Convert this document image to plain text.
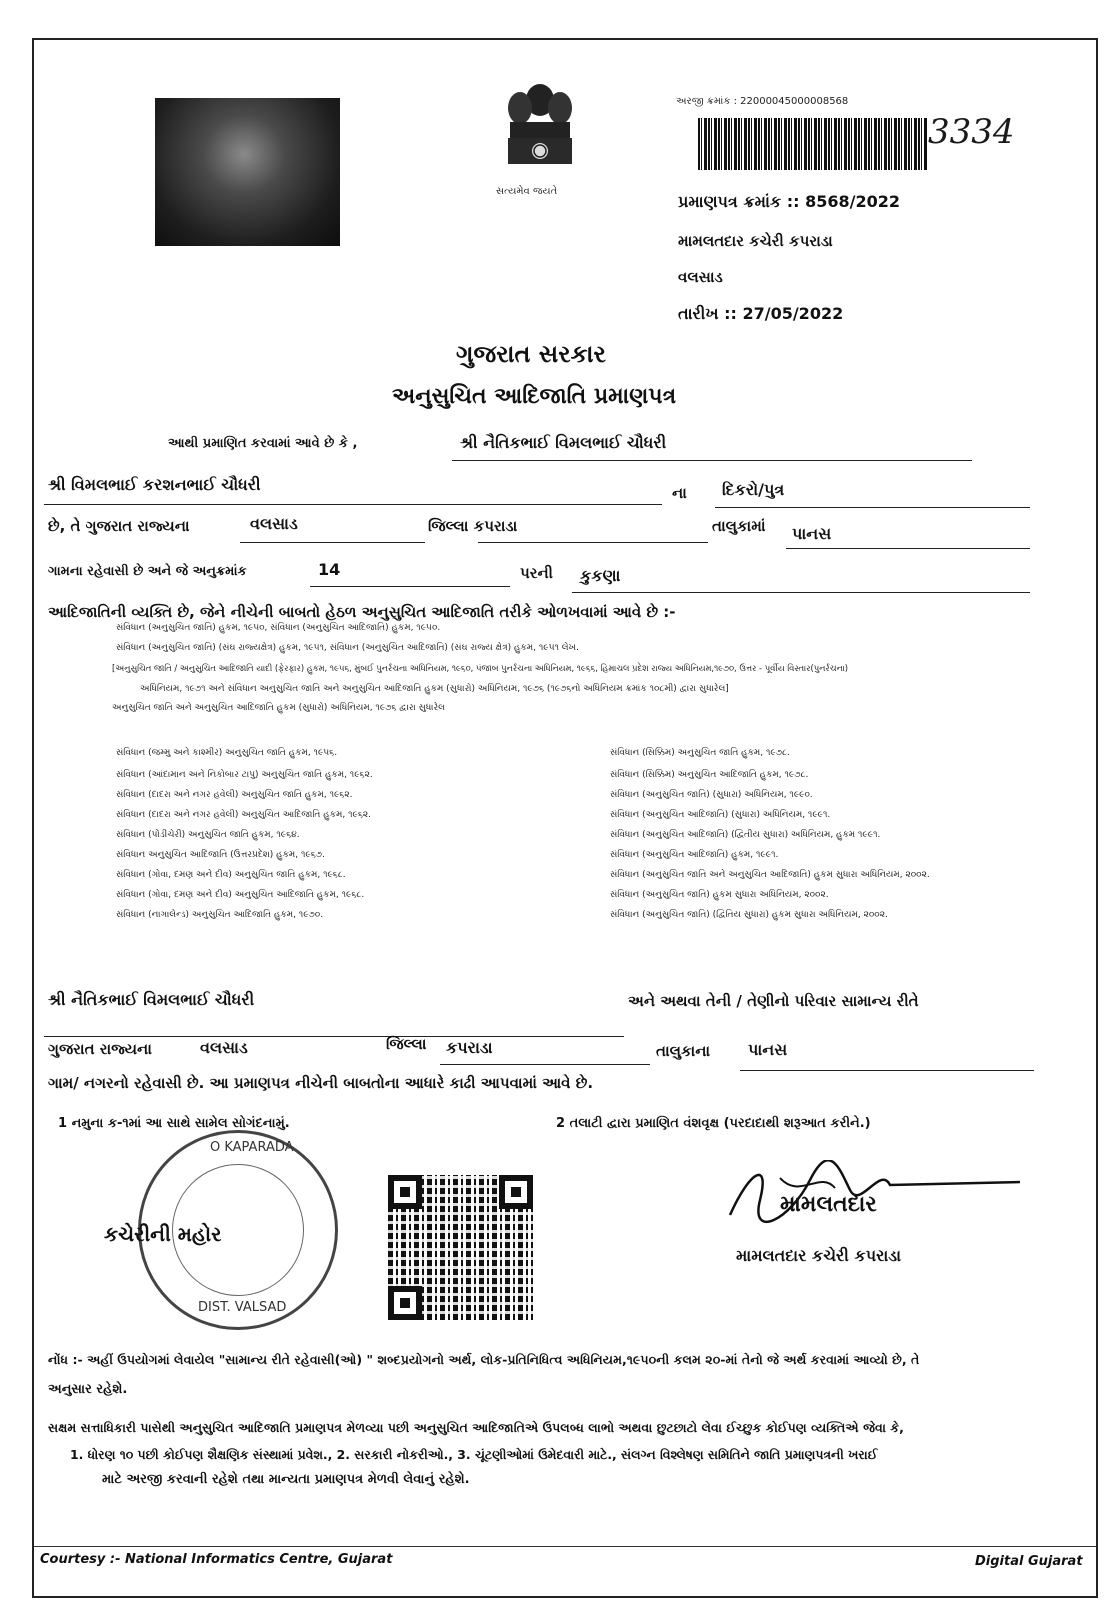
સત્યમેવ જયતે
અરજી ક્રમાંક : 22000045000008568
3334
પ્રમાણપત્ર ક્રમાંક :: 8568/2022
મામલતદાર કચેરી કપરાડા
વલસાડ
તારીખ :: 27/05/2022
ગુજરાત સરકાર
અનુસુચિત આદિજાતિ પ્રમાણપત્ર
આથી પ્રમાણિત કરવામાં આવે છે કે ,	શ્રી નૈતિકભાઈ વિમલભાઈ ચૌધરી
શ્રી વિમલભાઈ કરશનભાઈ ચૌધરી	ના દિકરો/પુત્ર
છે, તે ગુજરાત રાજ્યના	વલસાડ	જિલ્લા કપરાડા	તાલુકામાં પાનસ
ગામના રહેવાસી છે અને જે અનુક્રમાંક	14	પરની કુકણા
આદિજાતિની વ્યક્તિ છે, જેને નીચેની બાબતો હેઠળ અનુસુચિત આદિજાતિ તરીકે ઓળખવામાં આવે છે :-
સંવિધાન (અનુસુચિત જાતિ) હુકમ, ૧૯૫૦, સંવિધાન (અનુસુચિત આદિજાતિ) હુકમ, ૧૯૫૦.
સંવિધાન (અનુસુચિત જાતિ) (સંઘ રાજ્યક્ષેત્ર) હુકમ, ૧૯૫૧, સંવિધાન (અનુસુચિત આદિજાતિ) (સંઘ રાજ્ય ક્ષેત્ર) હુકમ, ૧૯૫૧ લેખ.
[અનુસુચિત જાતિ / અનુસુચિત આદિજાતિ યાદી (ફેરફાર) હુકમ, ૧૯૫૬, મુંબઈ પુનર્રચના અધિનિયમ, ૧૯૬૦, પંજાબ પુનર્રચના અધિનિયમ, ૧૯૬૬, હિમાચલ પ્રદેશ રાજ્ય અધિનિયમ,૧૯૭૦, ઉત્તર - પૂર્વીય વિસ્તાર(પુનર્રચના)
અધિનિયમ, ૧૯૭૧ અને સંવિધાન અનુસુચિત જાતિ અને અનુસુચિત આદિજાતિ હુકમ (સુધારો) અધિનિયમ, ૧૯૭૬ (૧૯૭૬નો અધિનિયમ ક્રમાંક ૧૦૮મી) દ્વારા સુધારેલ]
અનુસુચિત જાતિ અને અનુસુચિત આદિજાતિ હુકમ (સુધારો) અધિનિયમ, ૧૯૭૬ દ્વારા સુધારેલ
સંવિધાન (જમ્મુ અને કાશ્મીર) અનુસુચિત જાતિ હુકમ, ૧૯૫૬.
સંવિધાન (આંદામાન અને નિકોબાર ટાપુ) અનુસુચિત જાતિ હુકમ, ૧૯૬૨.
સંવિધાન (દાદરા અને નગર હવેલી) અનુસુચિત જાતિ હુકમ, ૧૯૬૨.
સંવિધાન (દાદરા અને નગર હવેલી) અનુસુચિત આદિજાતિ હુકમ, ૧૯૬૨.
સંવિધાન (પોંડીચેરી) અનુસુચિત જાતિ હુકમ, ૧૯૬૪.
સંવિધાન અનુસુચિત આદિજાતિ (ઉત્તરપ્રદેશ) હુકમ, ૧૯૬૭.
સંવિધાન (ગોવા, દમણ અને દીવ) અનુસુચિત જાતિ હુકમ, ૧૯૬૮.
સંવિધાન (ગોવા, દમણ અને દીવ) અનુસુચિત આદિજાતિ હુકમ, ૧૯૬૮.
સંવિધાન (નાગાલેન્ડ) અનુસુચિત આદિજાતિ હુકમ, ૧૯૭૦.
સંવિધાન (સિક્કિમ) અનુસુચિત જાતિ હુકમ, ૧૯૭૮.
સંવિધાન (સિક્કિમ) અનુસુચિત આદિજાતિ હુકમ, ૧૯૭૮.
સંવિધાન (અનુસુચિત જાતિ) (સુધારા) અધિનિયમ, ૧૯૯૦.
સંવિધાન (અનુસુચિત આદિજાતિ) (સુધારા) અધિનિયમ, ૧૯૯૧.
સંવિધાન (અનુસુચિત આદિજાતિ) (દ્વિતીય સુધારા) અધિનિયમ, હુકમ ૧૯૯૧.
સંવિધાન (અનુસુચિત આદિજાતિ) હુકમ, ૧૯૯૧.
સંવિધાન (અનુસુચિત જાતિ અને અનુસુચિત આદિજાતિ) હુકમ સુધારા અધિનિયમ, ૨૦૦૨.
સંવિધાન (અનુસુચિત જાતિ) હુકમ સુધારા અધિનિયમ, ૨૦૦૨.
સંવિધાન (અનુસુચિત જાતિ) (દ્વિતિય સુધારા) હુકમ સુધારા અધિનિયમ, ૨૦૦૨.
શ્રી નૈતિકભાઈ વિમલભાઈ ચૌધરી	અને અથવા તેની / તેણીનો પરિવાર સામાન્ય રીતે
ગુજરાત રાજ્યના	વલસાડ	જિલ્લા કપરાડા	તાલુકાના પાનસ
ગામ/ નગરનો રહેવાસી છે. આ પ્રમાણપત્ર નીચેની બાબતોના આધારે કાઢી આપવામાં આવે છે.
1 નમુના ક-૧માં આ સાથે સામેલ સોગંદનામું.	2 તલાટી દ્વારા પ્રમાણિત વંશવૃક્ષ (પરદાદાથી શરૂઆત કરીને.)
O KAPARADA
DIST. VALSAD
કચેરીની મહોર
મામલતદાર
મામલતદાર કચેરી કપરાડા
નોંધ :- અહીં ઉપયોગમાં લેવાયેલ "સામાન્ય રીતે રહેવાસી(ઓ) " શબ્દપ્રયોગનો અર્થ, લોક-પ્રતિનિધિત્વ અધિનિયમ,૧૯૫૦ની કલમ ૨૦-માં તેનો જે અર્થ કરવામાં આવ્યો છે, તે
અનુસાર રહેશે.
સક્ષમ સત્તાધિકારી પાસેથી અનુસુચિત આદિજાતિ પ્રમાણપત્ર મેળવ્યા પછી અનુસુચિત આદિજાતિએ ઉપલબ્ધ લાભો અથવા છુટછાટો લેવા ઈચ્છુક કોઈપણ વ્યક્તિએ જેવા કે,
1. ધોરણ ૧૦ પછી કોઈપણ શૈક્ષણિક સંસ્થામાં પ્રવેશ., 2. સરકારી નોકરીઓ., 3. ચૂંટણીઓમાં ઉમેદવારી માટે., સંલગ્ન વિશ્લેષણ સમિતિને જાતિ પ્રમાણપત્રની ખરાઈ
માટે અરજી કરવાની રહેશે તથા માન્યતા પ્રમાણપત્ર મેળવી લેવાનું રહેશે.
Courtesy :- National Informatics Centre, Gujarat	Digital Gujarat
